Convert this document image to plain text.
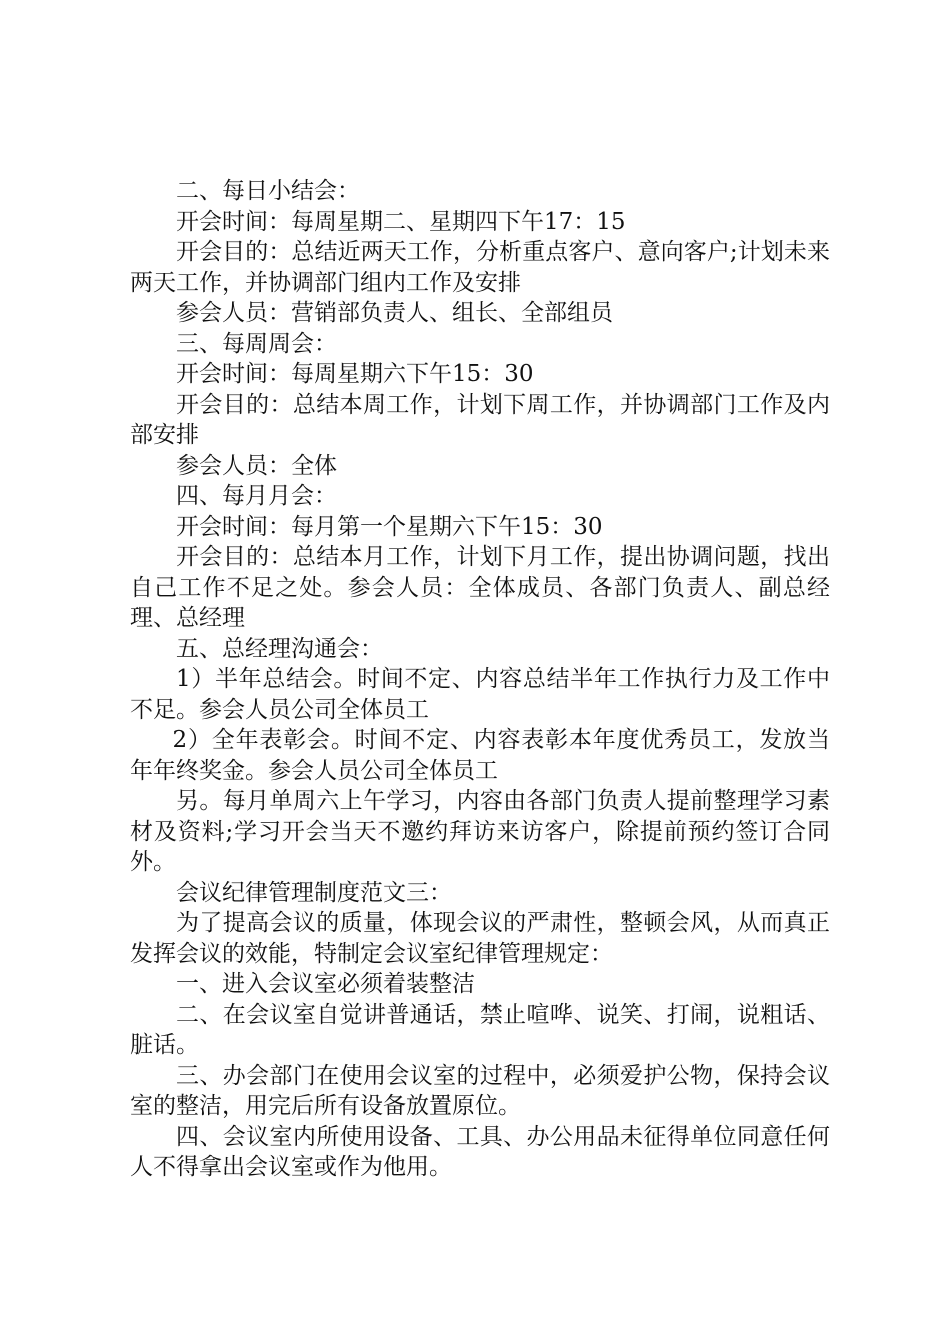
二、每日小结会：

开会时间：每周星期二、星期四下午17：15

开会目的：总结近两天工作，分析重点客户、意向客户;计划未来两天工作，并协调部门组内工作及安排

参会人员：营销部负责人、组长、全部组员

三、每周周会：

开会时间：每周星期六下午15：30

开会目的：总结本周工作，计划下周工作，并协调部门工作及内部安排

参会人员：全体

四、每月月会：

开会时间：每月第一个星期六下午15：30

开会目的：总结本月工作，计划下月工作，提出协调问题，找出自己工作不足之处。参会人员：全体成员、各部门负责人、副总经理、总经理

五、总经理沟通会：

1）半年总结会。时间不定、内容总结半年工作执行力及工作中不足。参会人员公司全体员工

2）全年表彰会。时间不定、内容表彰本年度优秀员工，发放当年年终奖金。参会人员公司全体员工

另。每月单周六上午学习，内容由各部门负责人提前整理学习素材及资料;学习开会当天不邀约拜访来访客户，除提前预约签订合同外。

会议纪律管理制度范文三：

为了提高会议的质量，体现会议的严肃性，整顿会风，从而真正发挥会议的效能，特制定会议室纪律管理规定：

一、进入会议室必须着装整洁

二、在会议室自觉讲普通话，禁止喧哗、说笑、打闹，说粗话、脏话。

三、办会部门在使用会议室的过程中，必须爱护公物，保持会议室的整洁，用完后所有设备放置原位。

四、会议室内所使用设备、工具、办公用品未征得单位同意任何人不得拿出会议室或作为他用。
